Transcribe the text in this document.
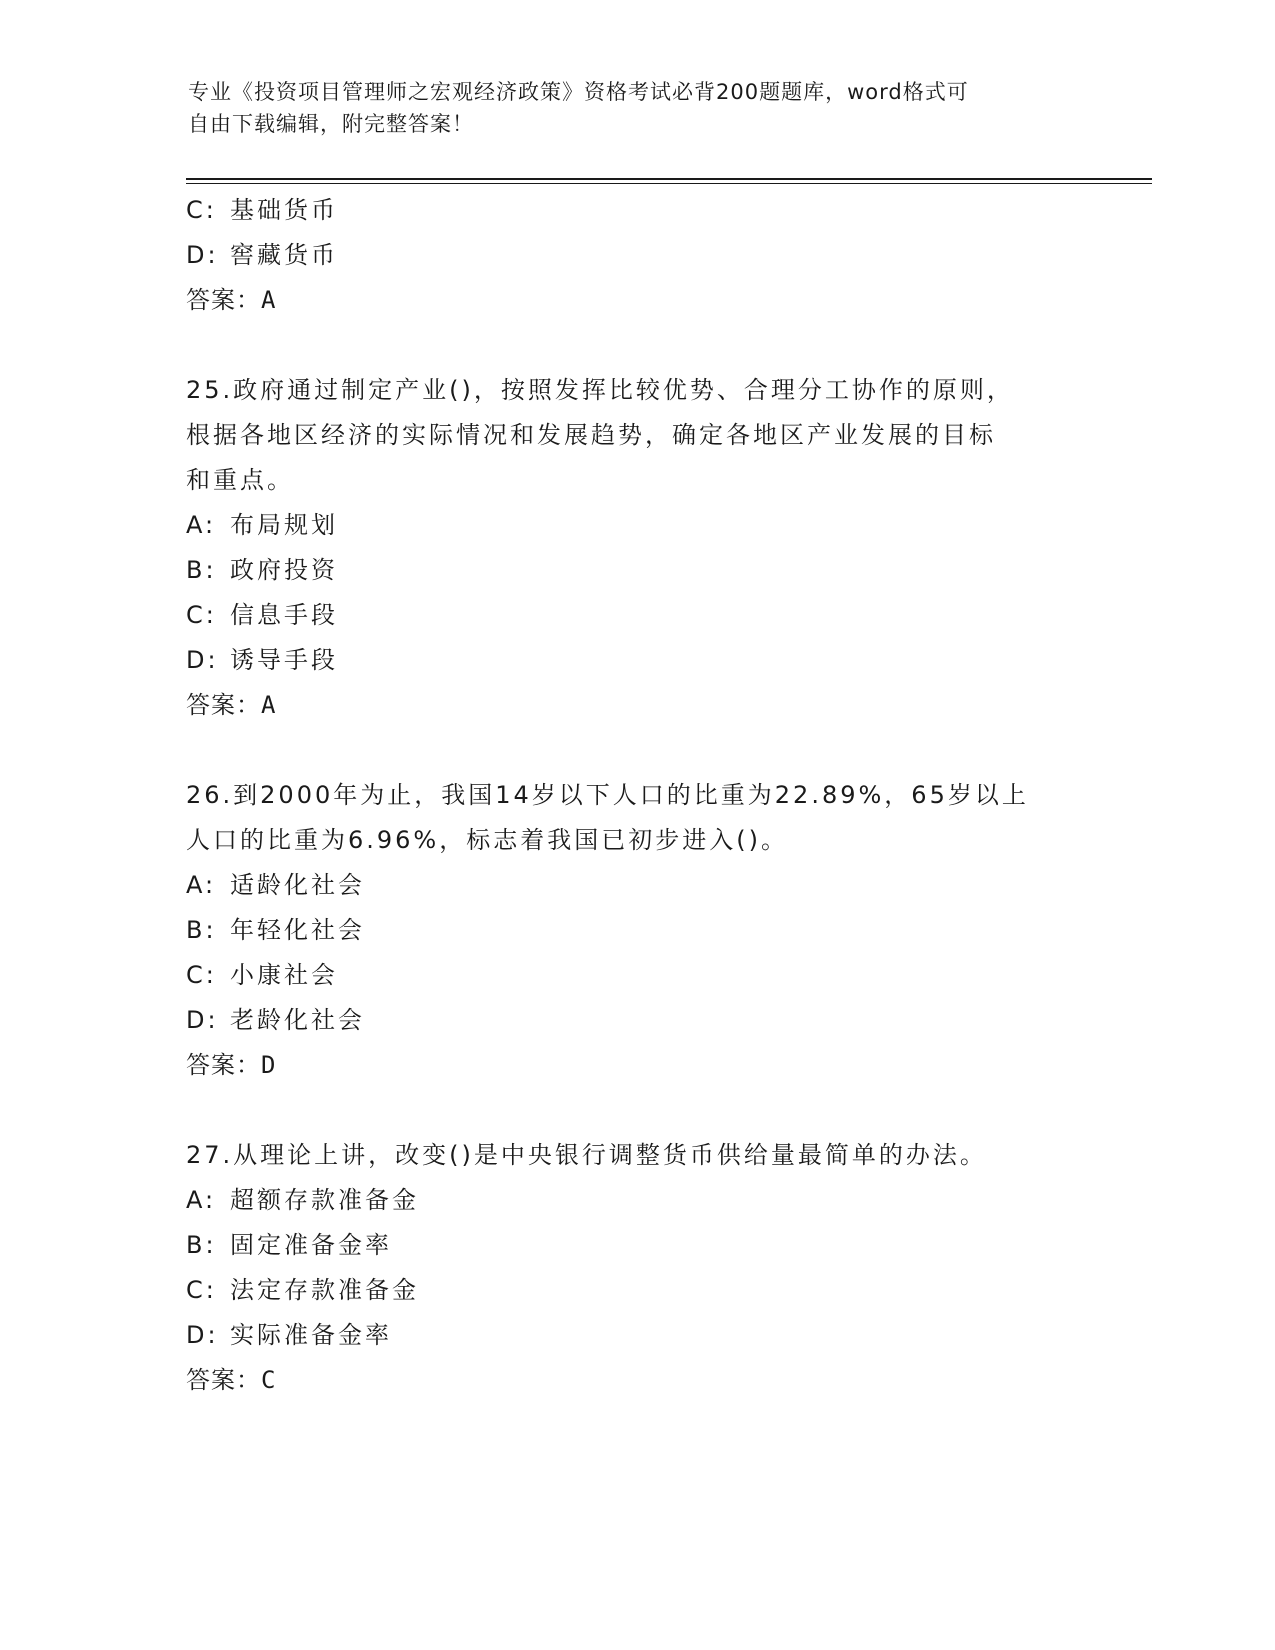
专业《投资项目管理师之宏观经济政策》资格考试必背200题题库，word格式可
自由下载编辑，附完整答案！
C: 基础货币
D: 窖藏货币
答案：A
25.政府通过制定产业()，按照发挥比较优势、合理分工协作的原则，
根据各地区经济的实际情况和发展趋势，确定各地区产业发展的目标
和重点。
A: 布局规划
B: 政府投资
C: 信息手段
D: 诱导手段
答案：A
26.到2000年为止，我国14岁以下人口的比重为22.89%，65岁以上
人口的比重为6.96%，标志着我国已初步进入()。
A: 适龄化社会
B: 年轻化社会
C: 小康社会
D: 老龄化社会
答案：D
27.从理论上讲，改变()是中央银行调整货币供给量最简单的办法。
A: 超额存款准备金
B: 固定准备金率
C: 法定存款准备金
D: 实际准备金率
答案：C
